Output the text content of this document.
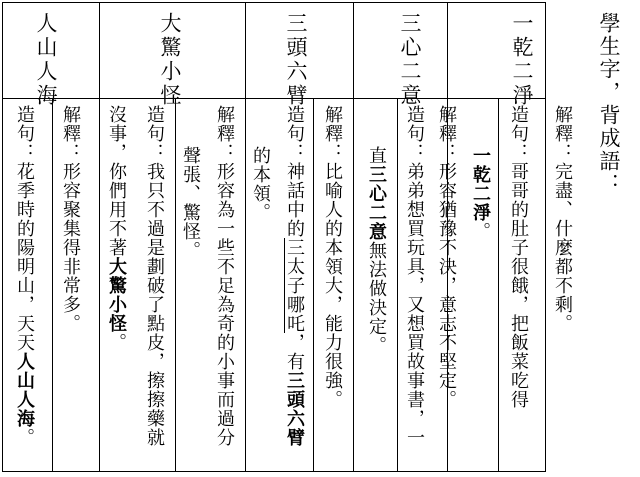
學生字，背成語：
一乾二淨
解釋：完盡、什麼都不剩。
造句：哥哥的肚子很餓，把飯菜吃得
一乾二淨。
三心二意
解釋：形容猶豫不決，意志不堅定。
造句：弟弟想買玩具，又想買故事書，一
直三心二意無法做決定。
三頭六臂
解釋：比喻人的本領大，能力很強。
造句：神話中的三太子哪吒，有三頭六臂
的本領。
大驚小怪
解釋：形容為一些不足為奇的小事而過分
聲張、驚怪。
造句：我只不過是劃破了點皮，擦擦藥就
沒事，你們用不著大驚小怪。
人山人海
解釋：形容聚集得非常多。
造句：花季時的陽明山，天天人山人海。
